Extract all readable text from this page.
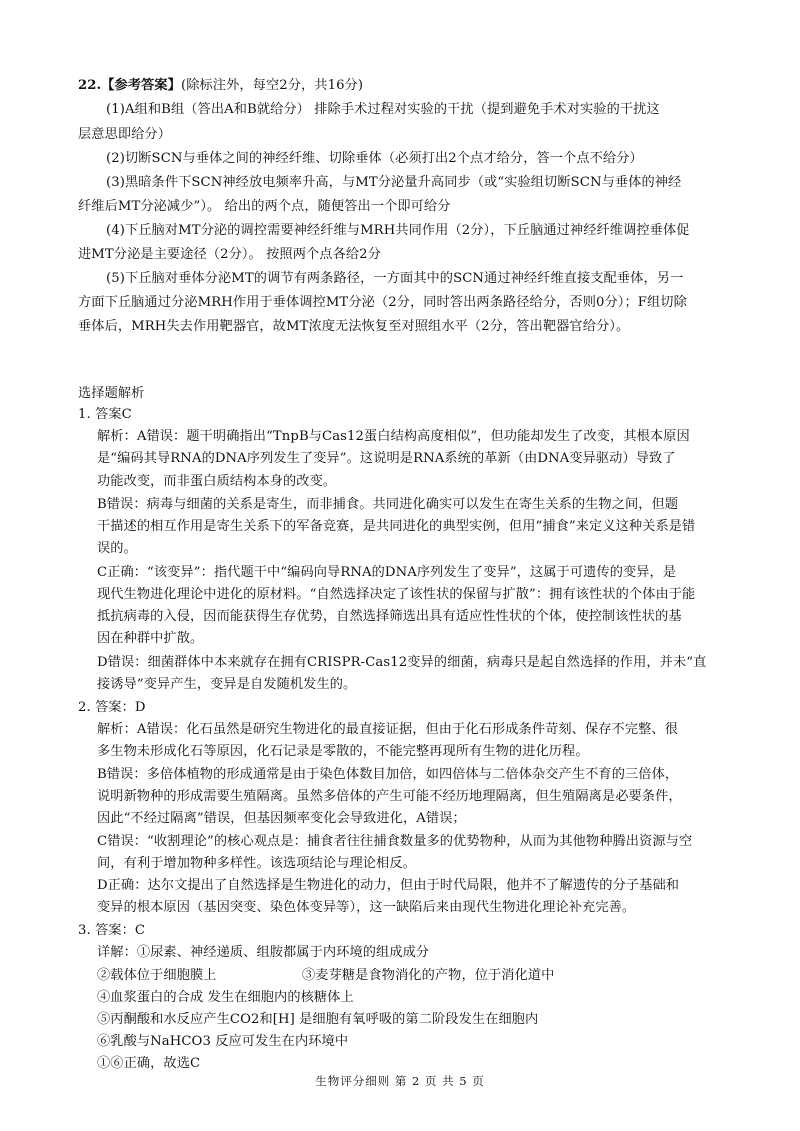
22.【参考答案】(除标注外，每空2分，共16分)
(1)A组和B组（答出A和B就给分） 排除手术过程对实验的干扰（提到避免手术对实验的干扰这
层意思即给分）
(2)切断SCN与垂体之间的神经纤维、切除垂体（必须打出2个点才给分，答一个点不给分）
(3)黑暗条件下SCN神经放电频率升高，与MT分泌量升高同步（或“实验组切断SCN与垂体的神经
纤维后MT分泌减少”）。 给出的两个点，随便答出一个即可给分
(4)下丘脑对MT分泌的调控需要神经纤维与MRH共同作用（2分），下丘脑通过神经纤维调控垂体促
进MT分泌是主要途径（2分）。 按照两个点各给2分
(5)下丘脑对垂体分泌MT的调节有两条路径，一方面其中的SCN通过神经纤维直接支配垂体，另一
方面下丘脑通过分泌MRH作用于垂体调控MT分泌（2分，同时答出两条路径给分，否则0分）；F组切除
垂体后，MRH失去作用靶器官，故MT浓度无法恢复至对照组水平（2分，答出靶器官给分）。
选择题解析
1. 答案C
解析：A错误：题干明确指出“TnpB与Cas12蛋白结构高度相似”，但功能却发生了改变，其根本原因
是“编码其导RNA的DNA序列发生了变异”。这说明是RNA系统的革新（由DNA变异驱动）导致了
功能改变，而非蛋白质结构本身的改变。
B错误：病毒与细菌的关系是寄生，而非捕食。共同进化确实可以发生在寄生关系的生物之间，但题
干描述的相互作用是寄生关系下的军备竞赛，是共同进化的典型实例，但用“捕食”来定义这种关系是错
误的。
C正确：“该变异”：指代题干中“编码向导RNA的DNA序列发生了变异”，这属于可遗传的变异，是
现代生物进化理论中进化的原材料。“自然选择决定了该性状的保留与扩散”：拥有该性状的个体由于能
抵抗病毒的入侵，因而能获得生存优势，自然选择筛选出具有适应性性状的个体，使控制该性状的基
因在种群中扩散。
D错误：细菌群体中本来就存在拥有CRISPR-Cas12变异的细菌，病毒只是起自然选择的作用，并未“直
接诱导”变异产生，变异是自发随机发生的。
2. 答案：D
解析：A错误：化石虽然是研究生物进化的最直接证据，但由于化石形成条件苛刻、保存不完整、很
多生物未形成化石等原因，化石记录是零散的，不能完整再现所有生物的进化历程。
B错误：多倍体植物的形成通常是由于染色体数目加倍，如四倍体与二倍体杂交产生不育的三倍体，
说明新物种的形成需要生殖隔离。虽然多倍体的产生可能不经历地理隔离，但生殖隔离是必要条件，
因此“不经过隔离”错误，但基因频率变化会导致进化，A错误；
C错误：“收割理论”的核心观点是：捕食者往往捕食数量多的优势物种，从而为其他物种腾出资源与空
间，有利于增加物种多样性。该选项结论与理论相反。
D正确：达尔文提出了自然选择是生物进化的动力，但由于时代局限，他并不了解遗传的分子基础和
变异的根本原因（基因突变、染色体变异等），这一缺陷后来由现代生物进化理论补充完善。
3. 答案：C
详解：①尿素、神经递质、组胺都属于内环境的组成成分
②载体位于细胞膜上	③麦芽糖是食物消化的产物，位于消化道中
④血浆蛋白的合成 发生在细胞内的核糖体上
⑤丙酮酸和水反应产生CO2和[H] 是细胞有氧呼吸的第二阶段发生在细胞内
⑥乳酸与NaHCO3 反应可发生在内环境中
①⑥正确，故选C
生物评分细则 第 2 页 共 5 页
